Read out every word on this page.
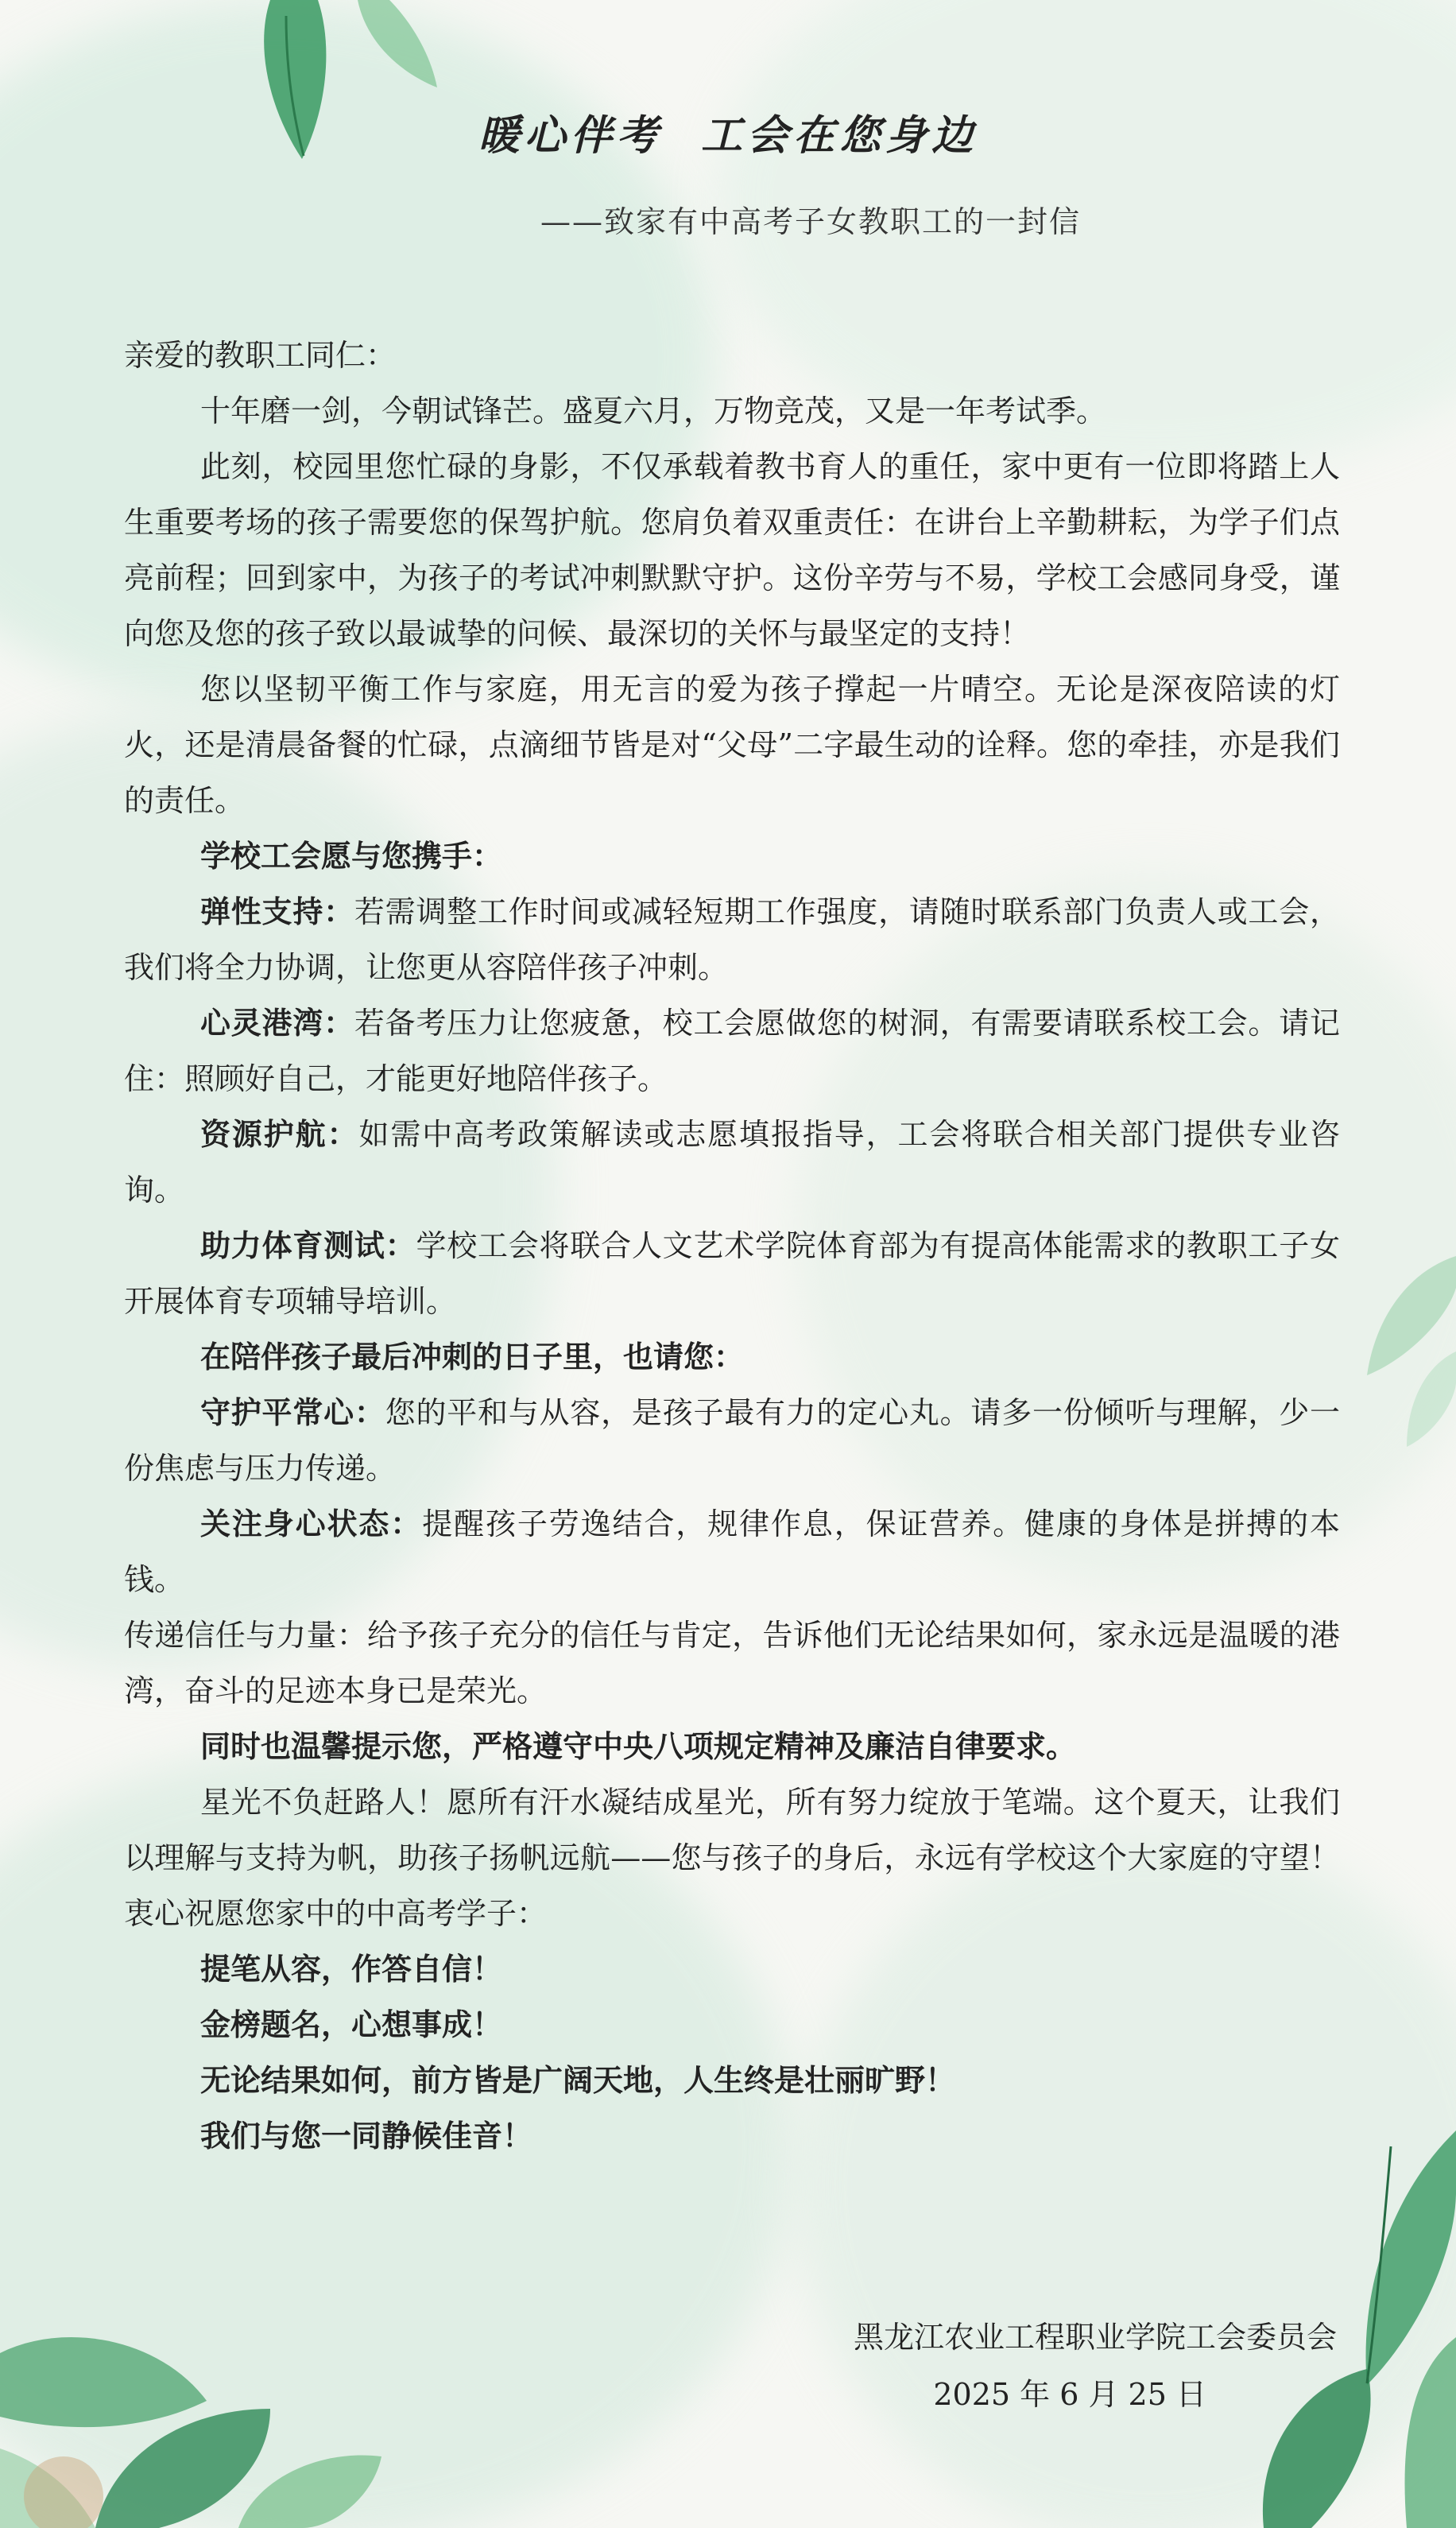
暖心伴考  工会在您身边
——致家有中高考子女教职工的一封信

亲爱的教职工同仁：

十年磨一剑，今朝试锋芒。盛夏六月，万物竞茂，又是一年考试季。

此刻，校园里您忙碌的身影，不仅承载着教书育人的重任，家中更有一位即将踏上人生重要考场的孩子需要您的保驾护航。您肩负着双重责任：在讲台上辛勤耕耘，为学子们点亮前程；回到家中，为孩子的考试冲刺默默守护。这份辛劳与不易，学校工会感同身受，谨向您及您的孩子致以最诚挚的问候、最深切的关怀与最坚定的支持！

您以坚韧平衡工作与家庭，用无言的爱为孩子撑起一片晴空。无论是深夜陪读的灯火，还是清晨备餐的忙碌，点滴细节皆是对“父母”二字最生动的诠释。您的牵挂，亦是我们的责任。

学校工会愿与您携手：

弹性支持：若需调整工作时间或减轻短期工作强度，请随时联系部门负责人或工会，我们将全力协调，让您更从容陪伴孩子冲刺。

心灵港湾：若备考压力让您疲惫，校工会愿做您的树洞，有需要请联系校工会。请记住：照顾好自己，才能更好地陪伴孩子。

资源护航：如需中高考政策解读或志愿填报指导，工会将联合相关部门提供专业咨询。

助力体育测试：学校工会将联合人文艺术学院体育部为有提高体能需求的教职工子女开展体育专项辅导培训。

在陪伴孩子最后冲刺的日子里，也请您：

守护平常心：您的平和与从容，是孩子最有力的定心丸。请多一份倾听与理解，少一份焦虑与压力传递。

关注身心状态：提醒孩子劳逸结合，规律作息，保证营养。健康的身体是拼搏的本钱。

传递信任与力量：给予孩子充分的信任与肯定，告诉他们无论结果如何，家永远是温暖的港湾，奋斗的足迹本身已是荣光。

同时也温馨提示您，严格遵守中央八项规定精神及廉洁自律要求。

星光不负赶路人！愿所有汗水凝结成星光，所有努力绽放于笔端。这个夏天，让我们以理解与支持为帆，助孩子扬帆远航——您与孩子的身后，永远有学校这个大家庭的守望！衷心祝愿您家中的中高考学子：

提笔从容，作答自信！

金榜题名，心想事成！

无论结果如何，前方皆是广阔天地，人生终是壮丽旷野！

我们与您一同静候佳音！

黑龙江农业工程职业学院工会委员会
2025 年 6 月 25 日
